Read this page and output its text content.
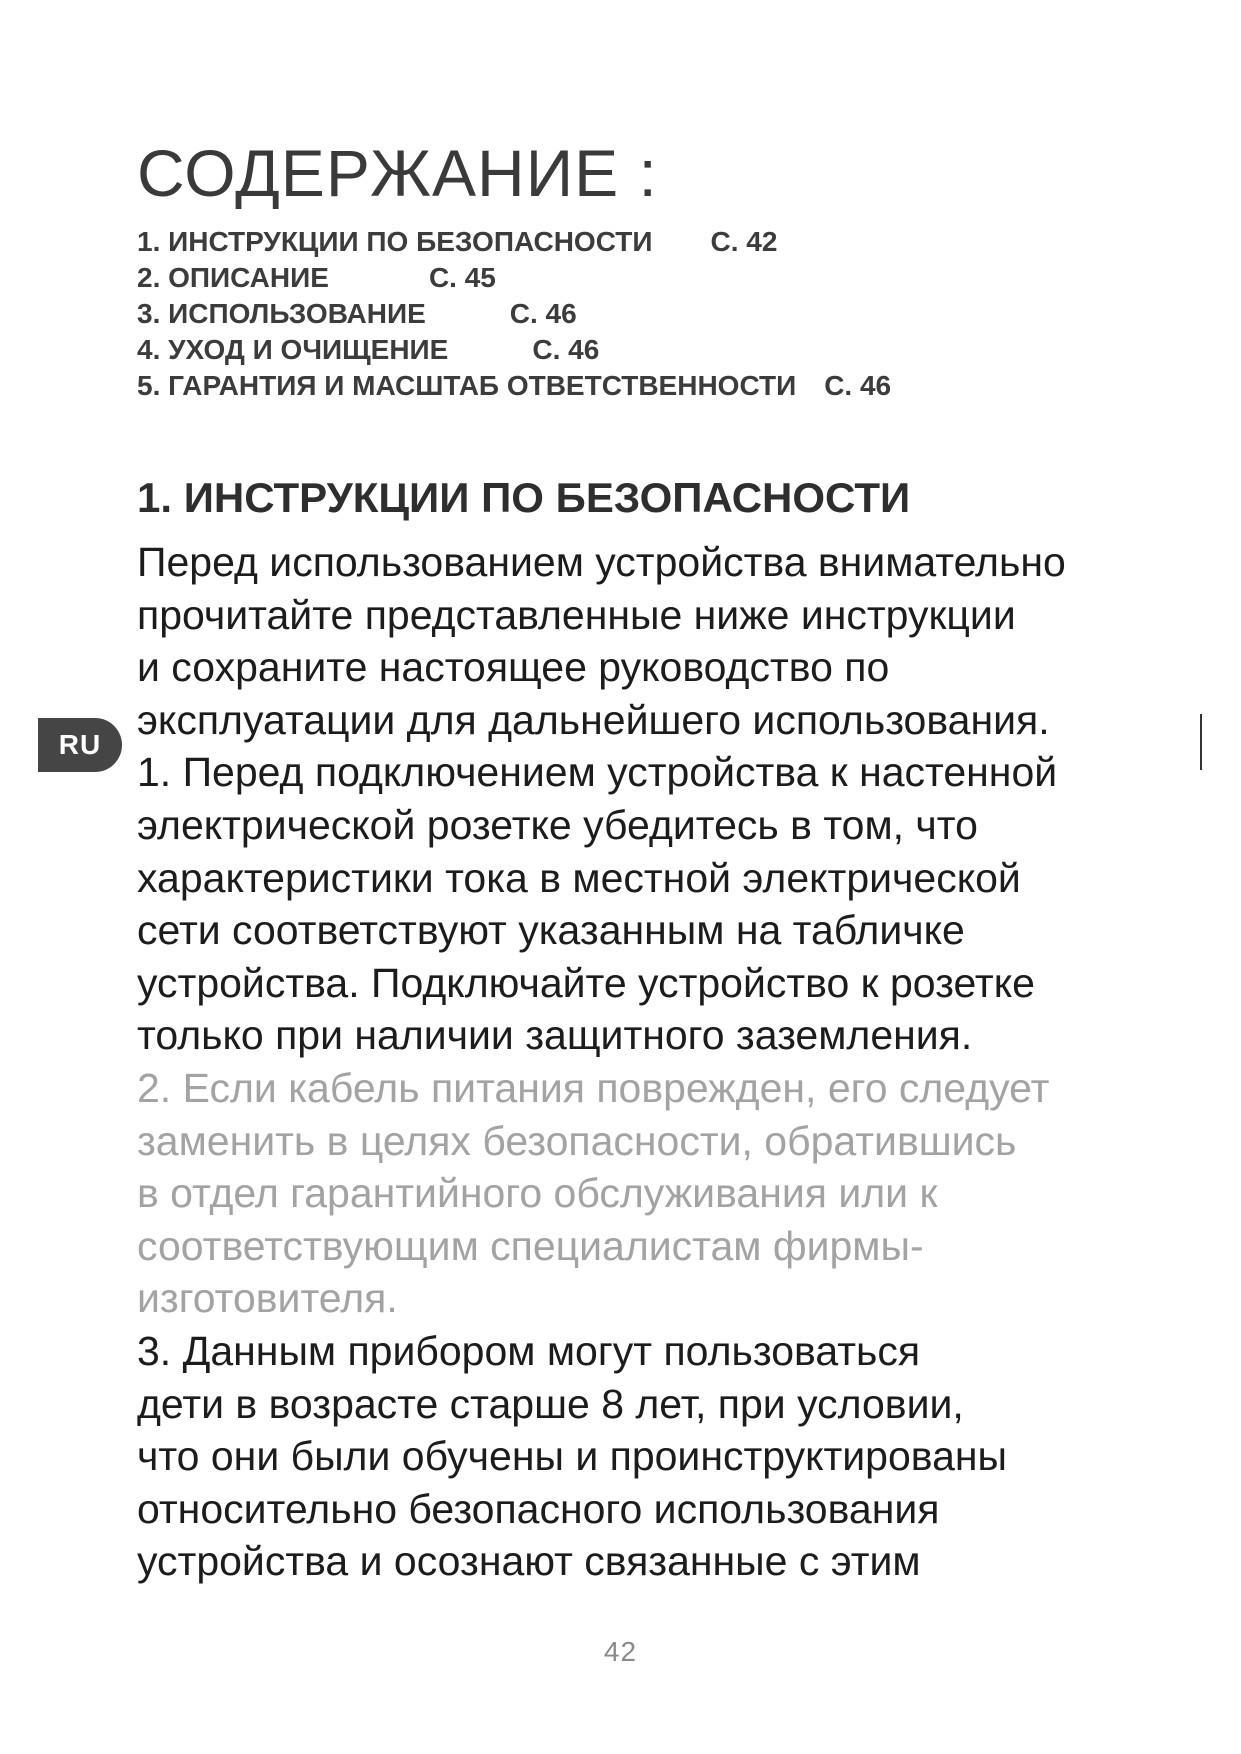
СОДЕРЖАНИЕ :
1. ИНСТРУКЦИИ ПО БЕЗОПАСНОСТИ С. 42
2. ОПИСАНИЕ	С. 45
3. ИСПОЛЬЗОВАНИЕ	С. 46
4. УХОД И ОЧИЩЕНИЕ	С. 46
5. ГАРАНТИЯ И МАСШТАБ ОТВЕТСТВЕННОСТИ С. 46
1. ИНСТРУКЦИИ ПО БЕЗОПАСНОСТИ

Перед использованием устройства внимательно
прочитайте представленные ниже инструкции
и сохраните настоящее руководство по
эксплуатации для дальнейшего использования.

1. Перед подключением устройства к настенной
электрической розетке убедитесь в том, что
характеристики тока в местной электрической
сети соответствуют указанным на табличке
устройства. Подключайте устройство к розетке
только при наличии защитного заземления.

2. Если кабель питания поврежден, его следует
заменить в целях безопасности, обратившись
в отдел гарантийного обслуживания или к
соответствующим специалистам фирмы-
изготовителя.

3. Данным прибором могут пользоваться
дети в возрасте старше 8 лет, при условии,
что они были обучены и проинструктированы
относительно безопасного использования
устройства и осознают связанные с этим

RU
42
